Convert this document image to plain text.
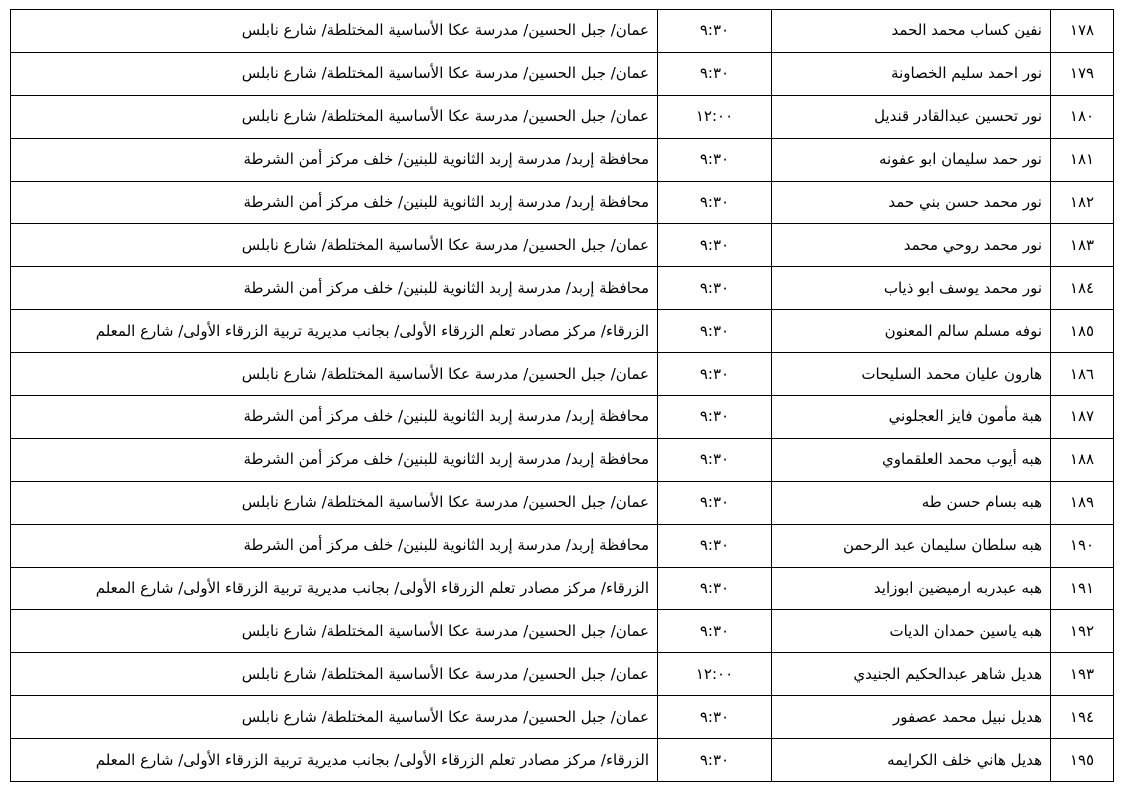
١٧٨	نفين كساب محمد الحمد	٩:٣٠	عمان/ جبل الحسين/ مدرسة عكا الأساسية المختلطة/ شارع نابلس
١٧٩	نور احمد سليم الخصاونة	٩:٣٠	عمان/ جبل الحسين/ مدرسة عكا الأساسية المختلطة/ شارع نابلس
١٨٠	نور تحسين عبدالقادر قنديل	١٢:٠٠	عمان/ جبل الحسين/ مدرسة عكا الأساسية المختلطة/ شارع نابلس
١٨١	نور حمد سليمان ابو عفونه	٩:٣٠	محافظة إربد/ مدرسة إربد الثانوية للبنين/ خلف مركز أمن الشرطة
١٨٢	نور محمد حسن بني حمد	٩:٣٠	محافظة إربد/ مدرسة إربد الثانوية للبنين/ خلف مركز أمن الشرطة
١٨٣	نور محمد روحي محمد	٩:٣٠	عمان/ جبل الحسين/ مدرسة عكا الأساسية المختلطة/ شارع نابلس
١٨٤	نور محمد يوسف ابو ذياب	٩:٣٠	محافظة إربد/ مدرسة إربد الثانوية للبنين/ خلف مركز أمن الشرطة
١٨٥	نوفه مسلم سالم المعنون	٩:٣٠	الزرقاء/ مركز مصادر تعلم الزرقاء الأولى/ بجانب مديرية تربية الزرقاء الأولى/ شارع المعلم
١٨٦	هارون عليان محمد السليحات	٩:٣٠	عمان/ جبل الحسين/ مدرسة عكا الأساسية المختلطة/ شارع نابلس
١٨٧	هبة مأمون فايز العجلوني	٩:٣٠	محافظة إربد/ مدرسة إربد الثانوية للبنين/ خلف مركز أمن الشرطة
١٨٨	هبه أيوب محمد العلقماوي	٩:٣٠	محافظة إربد/ مدرسة إربد الثانوية للبنين/ خلف مركز أمن الشرطة
١٨٩	هبه بسام حسن طه	٩:٣٠	عمان/ جبل الحسين/ مدرسة عكا الأساسية المختلطة/ شارع نابلس
١٩٠	هبه سلطان سليمان عبد الرحمن	٩:٣٠	محافظة إربد/ مدرسة إربد الثانوية للبنين/ خلف مركز أمن الشرطة
١٩١	هبه عبدربه ارميضين ابوزايد	٩:٣٠	الزرقاء/ مركز مصادر تعلم الزرقاء الأولى/ بجانب مديرية تربية الزرقاء الأولى/ شارع المعلم
١٩٢	هبه ياسين حمدان الديات	٩:٣٠	عمان/ جبل الحسين/ مدرسة عكا الأساسية المختلطة/ شارع نابلس
١٩٣	هديل شاهر عبدالحكيم الجنيدي	١٢:٠٠	عمان/ جبل الحسين/ مدرسة عكا الأساسية المختلطة/ شارع نابلس
١٩٤	هديل نبيل محمد عصفور	٩:٣٠	عمان/ جبل الحسين/ مدرسة عكا الأساسية المختلطة/ شارع نابلس
١٩٥	هديل هاني خلف الكرايمه	٩:٣٠	الزرقاء/ مركز مصادر تعلم الزرقاء الأولى/ بجانب مديرية تربية الزرقاء الأولى/ شارع المعلم
